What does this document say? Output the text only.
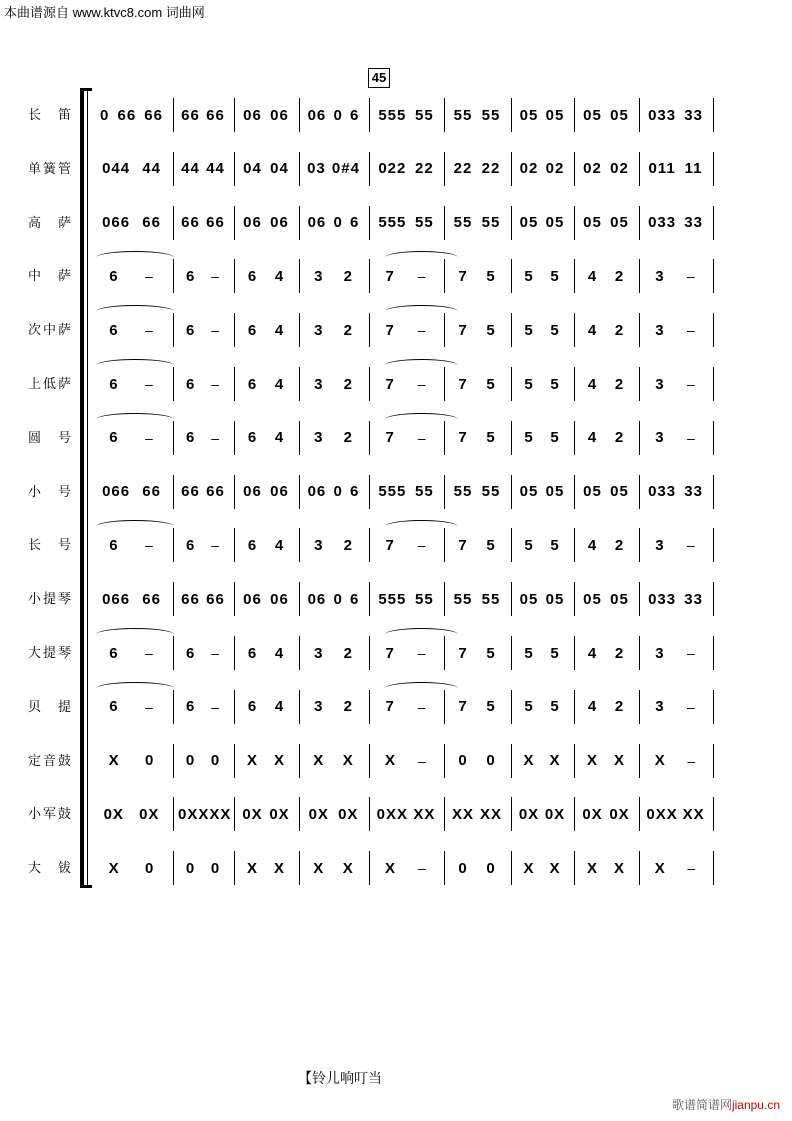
本曲谱源自 www.ktvc8.com 词曲网
45
长　笛	0 66 66 66 66 06 06 06 0 6 555 55 55 55 05 05 05 05 033 33
单簧管	044 44 44 44 04 04 03 0#4 022 22 22 22 02 02 02 02 011 11
高　萨	066 66 66 66 06 06 06 0 6 555 55 55 55 05 05 05 05 033 33
中　萨	6 – 6 – 6 4 3 2 7 – 7 5 5 5 4 2 3 –
次中萨	6 – 6 – 6 4 3 2 7 – 7 5 5 5 4 2 3 –
上低萨	6 – 6 – 6 4 3 2 7 – 7 5 5 5 4 2 3 –
圆　号	6 – 6 – 6 4 3 2 7 – 7 5 5 5 4 2 3 –
小　号	066 66 66 66 06 06 06 0 6 555 55 55 55 05 05 05 05 033 33
长　号	6 – 6 – 6 4 3 2 7 – 7 5 5 5 4 2 3 –
小提琴	066 66 66 66 06 06 06 0 6 555 55 55 55 05 05 05 05 033 33
大提琴	6 – 6 – 6 4 3 2 7 – 7 5 5 5 4 2 3 –
贝　提	6 – 6 – 6 4 3 2 7 – 7 5 5 5 4 2 3 –
定音鼓	X 0 0 0 X X X X X – 0 0 X X X X X –
小军鼓	0X 0X 0XX XX 0X 0X 0X 0X 0XX XX XX XX 0X 0X 0X 0X 0XX XX
大　钹	X 0 0 0 X X X X X – 0 0 X X X X X –
【铃儿响叮当
歌谱简谱网jianpu.cn
